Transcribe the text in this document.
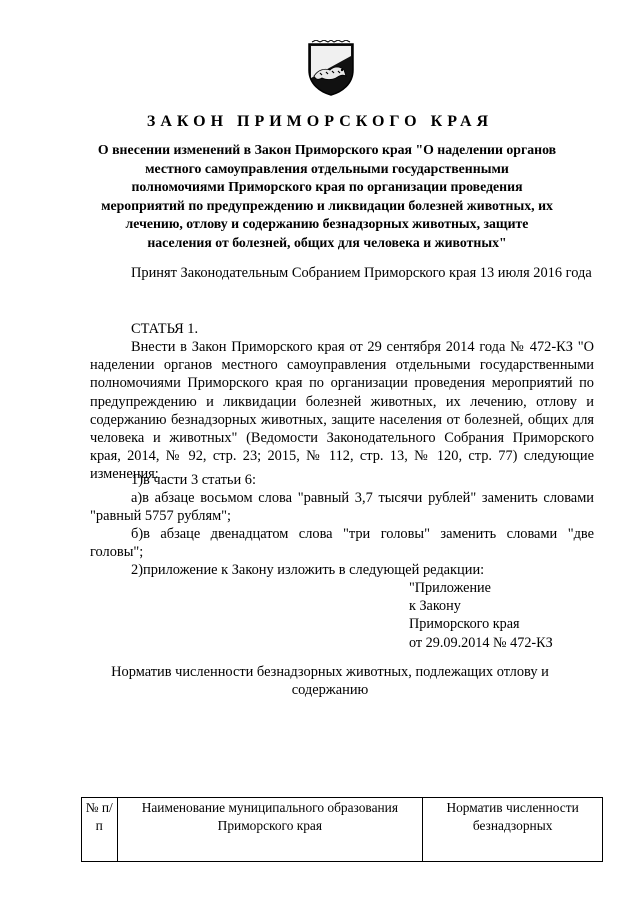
ЗАКОН ПРИМОРСКОГО КРАЯ
О внесении изменений в Закон Приморского края "О наделении органов
местного самоуправления отдельными государственными
полномочиями Приморского края по организации проведения
мероприятий по предупреждению и ликвидации болезней животных, их
лечению, отлову и содержанию безнадзорных животных, защите
населения от болезней, общих для человека и животных"
Принят Законодательным Собранием Приморского края 13 июля 2016 года
СТАТЬЯ 1.
Внести в Закон Приморского края от 29 сентября 2014 года № 472-КЗ "О наделении органов местного самоуправления отдельными государственными полномочиями Приморского края по организации проведения мероприятий по предупреждению и ликвидации болезней животных, их лечению, отлову и содержанию безнадзорных животных, защите населения от болезней, общих для человека и животных" (Ведомости Законодательного Собрания Приморского края, 2014, № 92, стр. 23; 2015, № 112, стр. 13, № 120, стр. 77) следующие изменения:
1)в части 3 статьи 6:
а)в абзаце восьмом слова "равный 3,7 тысячи рублей" заменить словами "равный 5757 рублям";
б)в абзаце двенадцатом слова "три головы" заменить словами "две головы";
2)приложение к Закону изложить в следующей редакции:
"Приложение
к Закону
Приморского края
от 29.09.2014 № 472-КЗ
Норматив численности безнадзорных животных, подлежащих отлову и содержанию
№ п/п	Наименование муниципального образования Приморского края	Норматив численности безнадзорных
